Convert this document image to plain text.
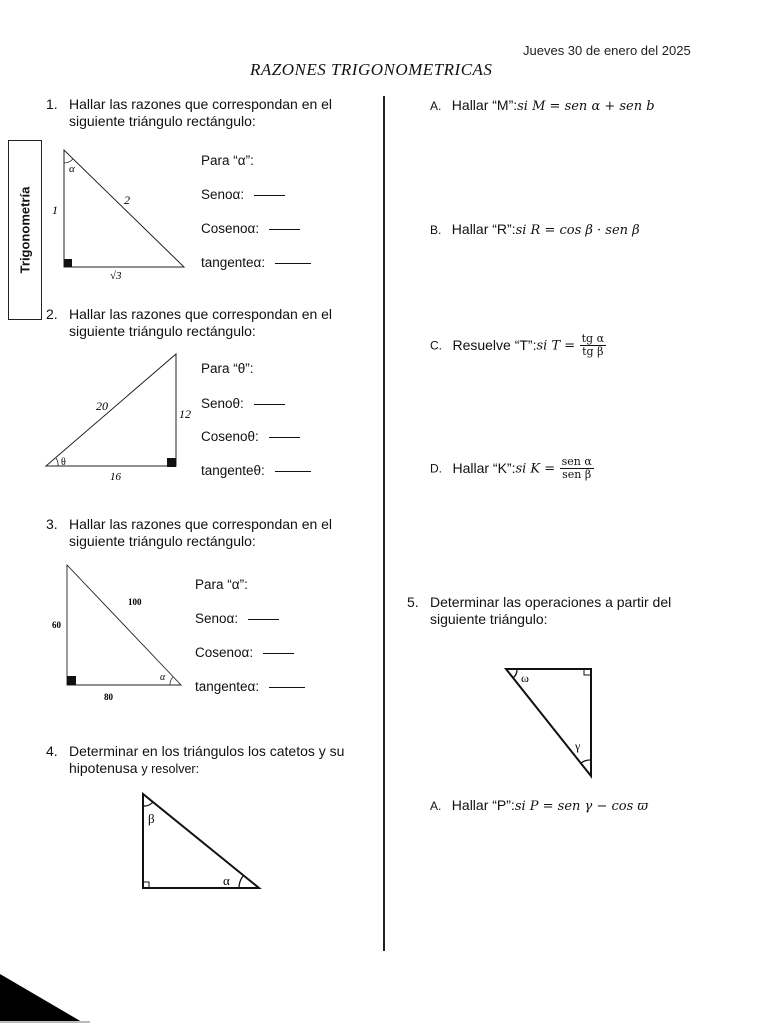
Jueves 30 de enero del 2025
RAZONES TRIGONOMETRICAS
Trigonometría
1. Hallar las razones que correspondan en el siguiente triángulo rectángulo:
α
1
2
√3
Para “α”:
Senoα:
Cosenoα:
tangenteα:
2. Hallar las razones que correspondan en el siguiente triángulo rectángulo:
θ
20
12
16
Para “θ”:
Senoθ:
Cosenoθ:
tangenteθ:
3. Hallar las razones que correspondan en el siguiente triángulo rectángulo:
α
100
60
80
Para “α”:
Senoα:
Cosenoα:
tangenteα:
4. Determinar en los triángulos los catetos y su hipotenusa y resolver:
β
α
A. Hallar “M”:si M = sen α + sen b
B. Hallar “R”:si R = cos β · sen β
C. Resuelve “T”:si $T = \frac{\text{tg α}}{\text{tg β}}$
D. Hallar “K”:si $K = \frac{\text{sen α}}{\text{sen β}}$
5. Determinar las operaciones a partir del siguiente triángulo:
ω
γ
A. Hallar “P”:si P = sen γ − cos ϖ
